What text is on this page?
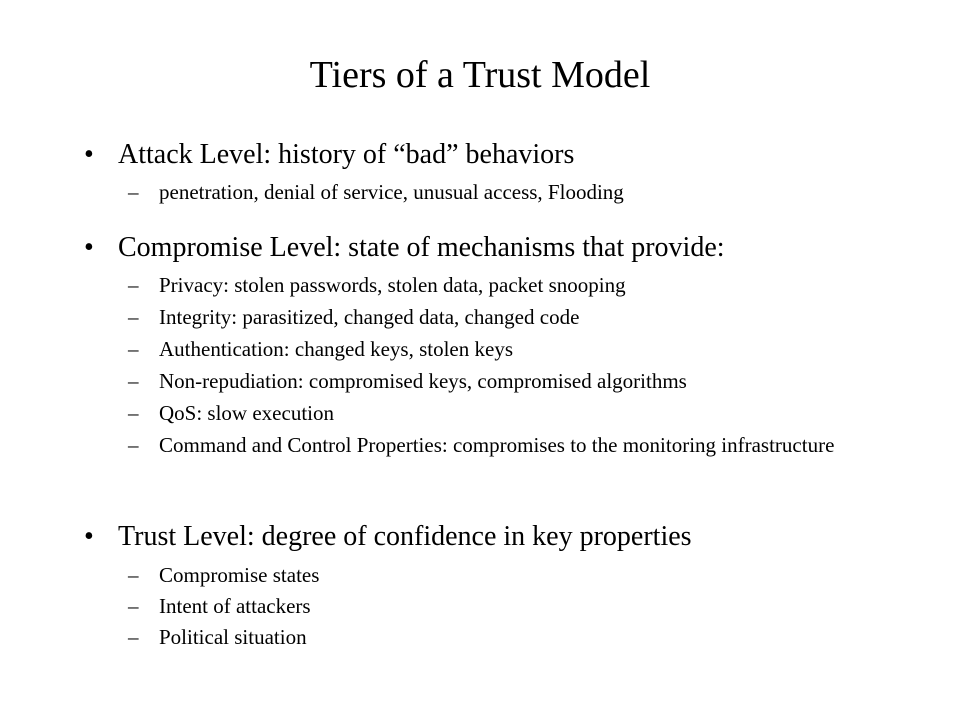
Tiers of a Trust Model
• Attack Level: history of “bad” behaviors
– penetration, denial of service, unusual access, Flooding
• Compromise Level: state of mechanisms that provide:
– Privacy: stolen passwords, stolen data, packet snooping
– Integrity: parasitized, changed data, changed code
– Authentication: changed keys, stolen keys
– Non-repudiation: compromised keys, compromised algorithms
– QoS: slow execution
– Command and Control Properties: compromises to the monitoring infrastructure
• Trust Level: degree of confidence in key properties
– Compromise states
– Intent of attackers
– Political situation
